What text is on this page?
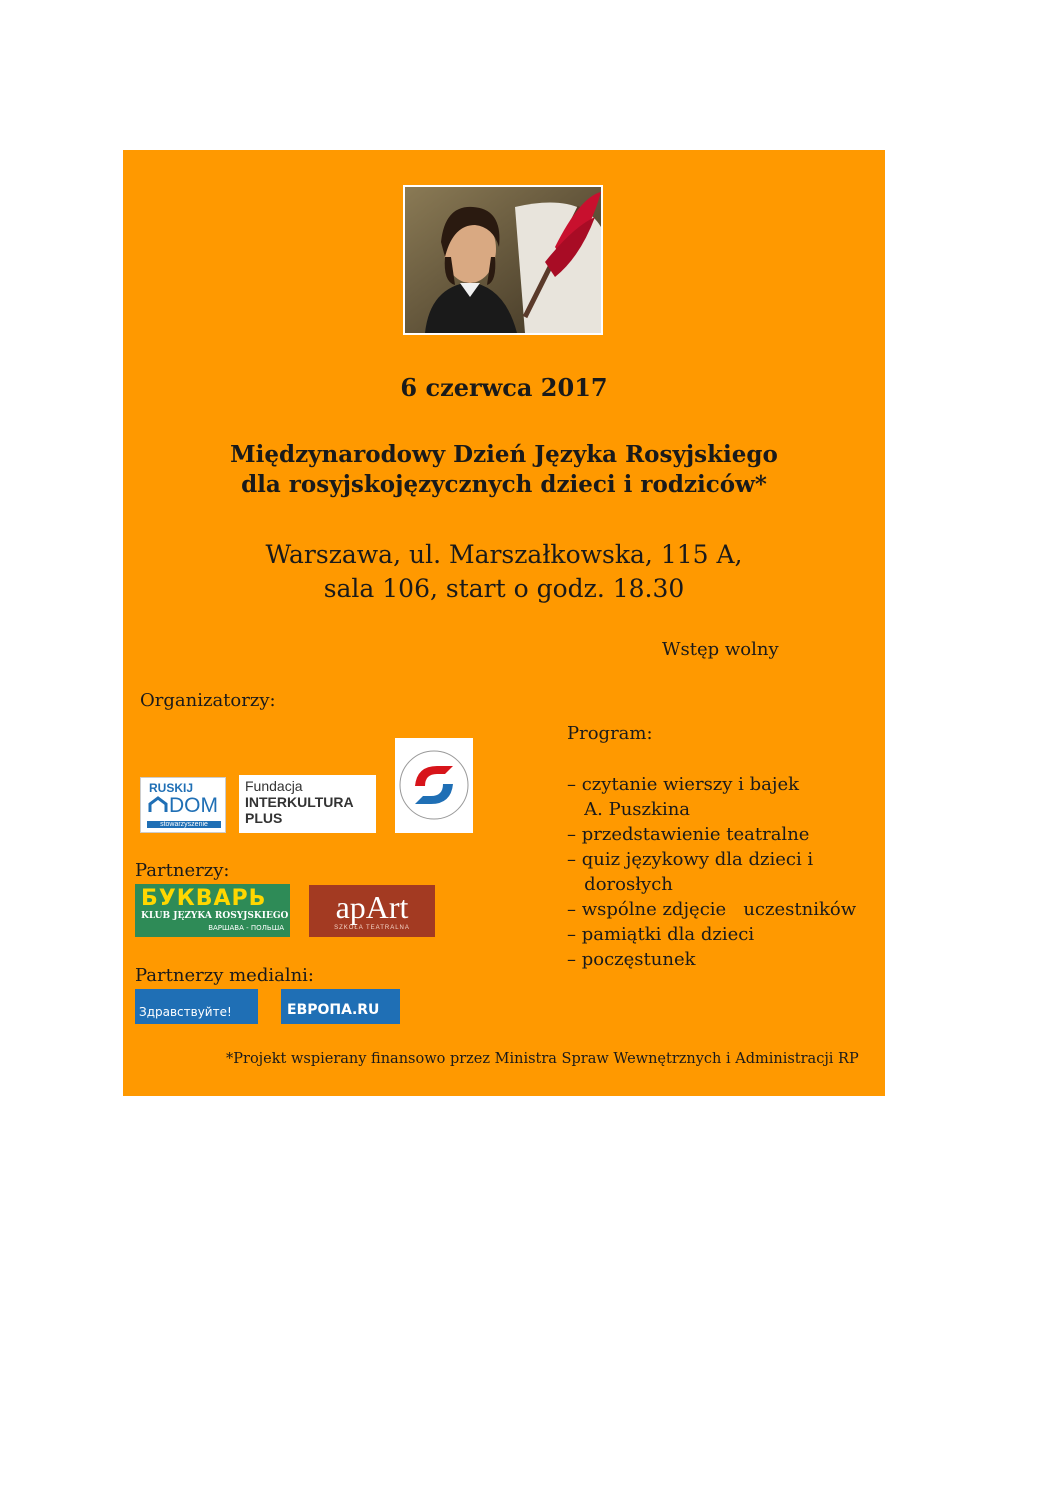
6 czerwca 2017
Międzynarodowy Dzień Języka Rosyjskiego
dla rosyjskojęzycznych dzieci i rodziców*
Warszawa, ul. Marszałkowska, 115 A,
sala 106, start o godz. 18.30
Wstęp wolny
Organizatorzy:
RUSKIJ
DOM
stowarzyszenie
Fundacja
INTERKULTURA
PLUS
Partnerzy:
БУКВАРЬ
KLUB JĘZYKA ROSYJSKIEGO
ВАРШАВА - ПОЛЬША
apArt
SZKOŁA TEATRALNA
Partnerzy medialni:
Здравствуйте!	ЕВРОПА.RU
Program:
– czytanie wierszy i bajek
A. Puszkina
– przedstawienie teatralne
– quiz językowy dla dzieci i
dorosłych
– wspólne zdjęcie   uczestników
– pamiątki dla dzieci
– poczęstunek
*Projekt wspierany finansowo przez Ministra Spraw Wewnętrznych i Administracji RP
